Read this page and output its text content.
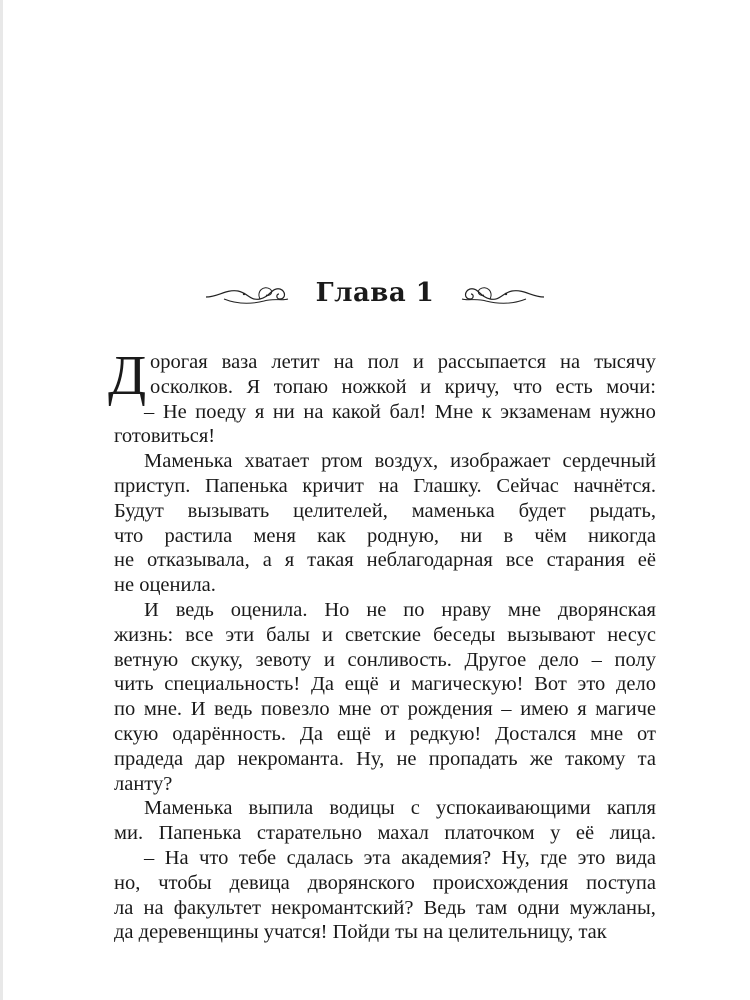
Глава 1
Д орогая ваза летит на пол и рассыпается на тысячу
осколков. Я топаю ножкой и кричу, что есть мочи:
– Не поеду я ни на какой бал! Мне к экзаменам нужно
готовиться!
Маменька хватает ртом воздух, изображает сердечный
приступ. Папенька кричит на Глашку. Сейчас начнётся.
Будут вызывать целителей, маменька будет рыдать,
что растила меня как родную, ни в чём никогда
не отказывала, а я такая неблагодарная все старания её
не оценила.
И ведь оценила. Но не по нраву мне дворянская
жизнь: все эти балы и светские беседы вызывают несус
ветную скуку, зевоту и сонливость. Другое дело – полу
чить специальность! Да ещё и магическую! Вот это дело
по мне. И ведь повезло мне от рождения – имею я магиче
скую одарённость. Да ещё и редкую! Достался мне от
прадеда дар некроманта. Ну, не пропадать же такому та
ланту?
Маменька выпила водицы с успокаивающими капля
ми. Папенька старательно махал платочком у её лица.
– На что тебе сдалась эта академия? Ну, где это вида
но, чтобы девица дворянского происхождения поступа
ла на факультет некромантский? Ведь там одни мужланы,
да деревенщины учатся! Пойди ты на целительницу, так
